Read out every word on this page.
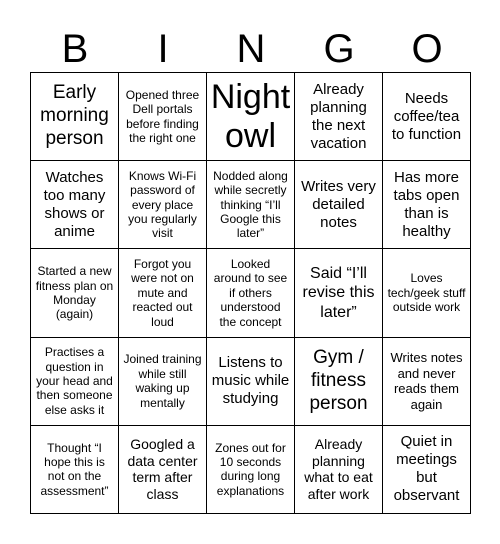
B	I	N	G	O
Early morning person
Opened three Dell portals before finding the right one
Night owl
Already planning the next vacation
Needs coffee/tea to function
Watches too many shows or anime
Knows Wi-Fi password of every place you regularly visit
Nodded along while secretly thinking “I’ll Google this later”
Writes very detailed notes
Has more tabs open than is healthy
Started a new fitness plan on Monday (again)
Forgot you were not on mute and reacted out loud
Looked around to see if others understood the concept
Said “I’ll revise this later”
Loves tech/geek stuff outside work
Practises a question in your head and then someone else asks it
Joined training while still waking up mentally
Listens to music while studying
Gym / fitness person
Writes notes and never reads them again
Thought “I hope this is not on the assessment”
Googled a data center term after class
Zones out for 10 seconds during long explanations
Already planning what to eat after work
Quiet in meetings but observant
